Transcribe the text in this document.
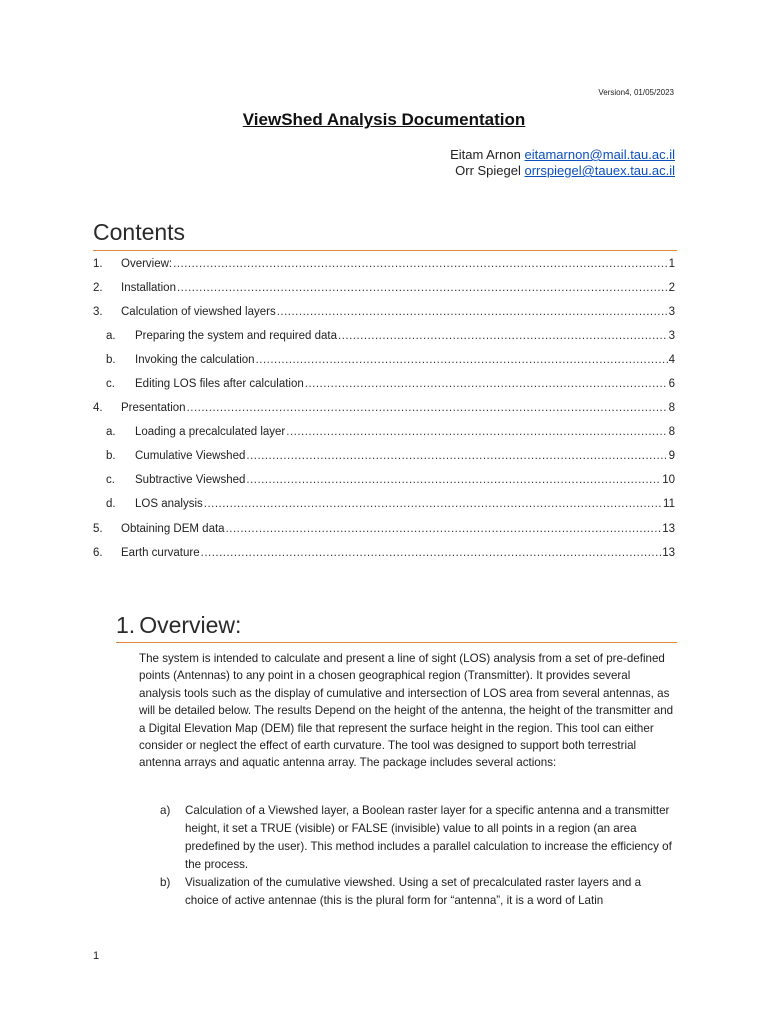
Version4, 01/05/2023
ViewShed Analysis Documentation
Eitam Arnon eitamarnon@mail.tau.ac.il
Orr Spiegel orrspiegel@tauex.tau.ac.il
Contents
1.	Overview: .....	1
2.	Installation .....	2
3.	Calculation of viewshed layers .....	3
a.	Preparing the system and required data .....	3
b.	Invoking the calculation .....	4
c.	Editing LOS files after calculation .....	6
4.	Presentation .....	8
a.	Loading a precalculated layer .....	8
b.	Cumulative Viewshed .....	9
c.	Subtractive Viewshed .....	10
d.	LOS analysis .....	11
5.	Obtaining DEM data .....	13
6.	Earth curvature .....	13
1. Overview:
The system is intended to calculate and present a line of sight (LOS) analysis from a set of pre-defined points (Antennas) to any point in a chosen geographical region (Transmitter). It provides several analysis tools such as the display of cumulative and intersection of LOS area from several antennas, as will be detailed below. The results Depend on the height of the antenna, the height of the transmitter and a Digital Elevation Map (DEM) file that represent the surface height in the region. This tool can either consider or neglect the effect of earth curvature. The tool was designed to support both terrestrial antenna arrays and aquatic antenna array. The package includes several actions:
a)	Calculation of a Viewshed layer, a Boolean raster layer for a specific antenna and a transmitter height, it set a TRUE (visible) or FALSE (invisible) value to all points in a region (an area predefined by the user). This method includes a parallel calculation to increase the efficiency of the process.
b)	Visualization of the cumulative viewshed. Using a set of precalculated raster layers and a choice of active antennae (this is the plural form for “antenna”, it is a word of Latin
1
